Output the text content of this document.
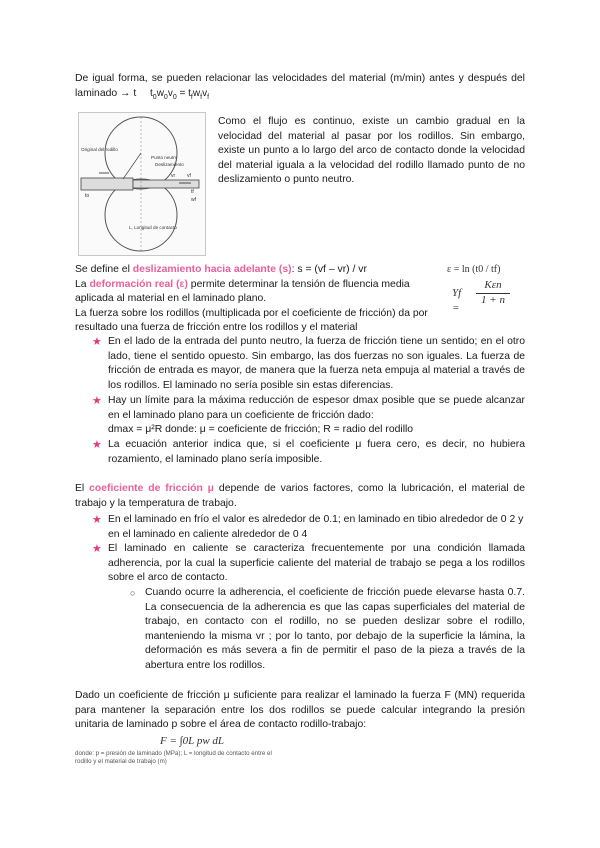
De igual forma, se pueden relacionar las velocidades del material (m/min) antes y después del laminado → t	$t_0w_0v_0 = t_fw_fv_f$
Original del rodillo
Punto neutro
Deslizamiento
L, Longitud de contacto
vr vf
to
tf
wf
Como el flujo es continuo, existe un cambio gradual en la velocidad del material al pasar por los rodillos. Sin embargo, existe un punto a lo largo del arco de contacto donde la velocidad del material iguala a la velocidad del rodillo llamado punto de no deslizamiento o punto neutro.
ε = ln (t0 / tf)
Yf =
Kεn
1 + n
Se define el deslizamiento hacia adelante (s): s = (vf – vr) / vr
La deformación real (ε) permite determinar la tensión de fluencia media aplicada al material en el laminado plano.
La fuerza sobre los rodillos (multiplicada por el coeficiente de fricción) da por resultado una fuerza de fricción entre los rodillos y el material
★ En el lado de la entrada del punto neutro, la fuerza de fricción tiene un sentido; en el otro lado, tiene el sentido opuesto. Sin embargo, las dos fuerzas no son iguales. La fuerza de fricción de entrada es mayor, de manera que la fuerza neta empuja al material a través de los rodillos. El laminado no sería posible sin estas diferencias.
★ Hay un límite para la máxima reducción de espesor dmax posible que se puede alcanzar en el laminado plano para un coeficiente de fricción dado:
dmax = μ²R donde: μ = coeficiente de fricción; R = radio del rodillo
★ La ecuación anterior indica que, si el coeficiente μ fuera cero, es decir, no hubiera rozamiento, el laminado plano sería imposible.
El coeficiente de fricción μ depende de varios factores, como la lubricación, el material de trabajo y la temperatura de trabajo.
★ En el laminado en frío el valor es alrededor de 0.1; en laminado en tibio alrededor de 0 2 y en el laminado en caliente alrededor de 0 4
★ El laminado en caliente se caracteriza frecuentemente por una condición llamada adherencia, por la cual la superficie caliente del material de trabajo se pega a los rodillos sobre el arco de contacto.
○ Cuando ocurre la adherencia, el coeficiente de fricción puede elevarse hasta 0.7. La consecuencia de la adherencia es que las capas superficiales del material de trabajo, en contacto con el rodillo, no se pueden deslizar sobre el rodillo, manteniendo la misma vr ; por lo tanto, por debajo de la superficie la lámina, la deformación es más severa a fin de permitir el paso de la pieza a través de la abertura entre los rodillos.
Dado un coeficiente de fricción μ suficiente para realizar el laminado la fuerza F (MN) requerida para mantener la separación entre los dos rodillos se puede calcular integrando la presión unitaria de laminado p sobre el área de contacto rodillo-trabajo:
F = ∫0L pw dL
donde: p = presión de laminado (MPa); L = longitud de contacto entre el rodillo y el material de trabajo (m)
